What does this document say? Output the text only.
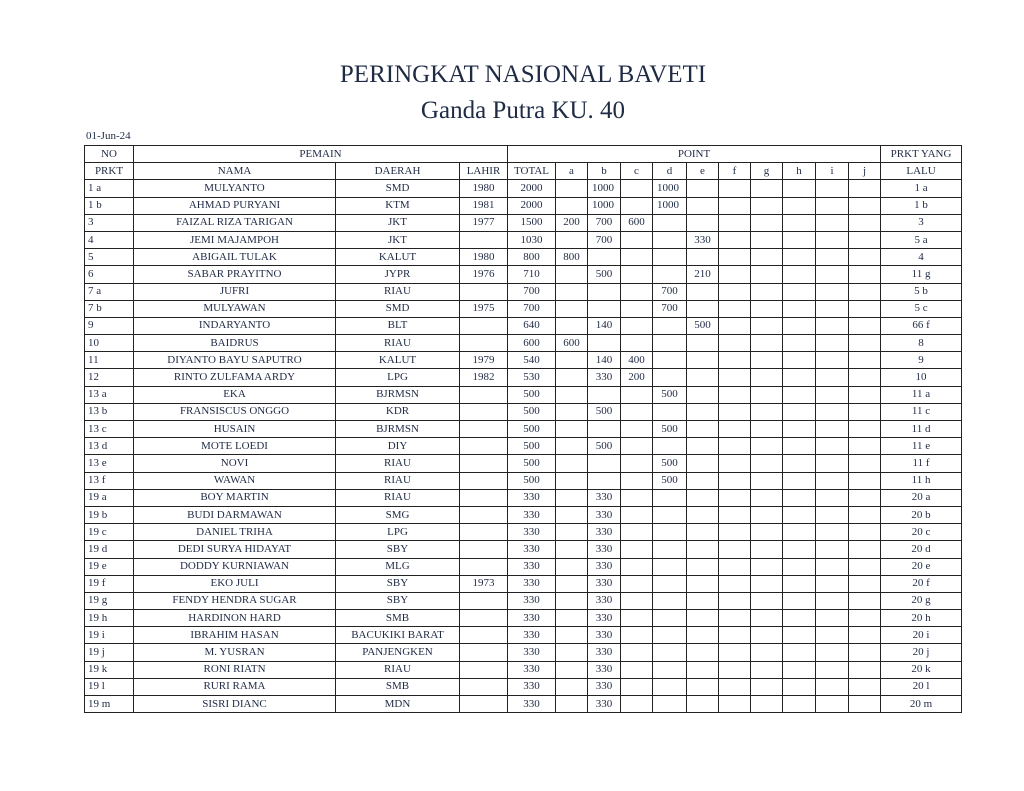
PERINGKAT NASIONAL BAVETI
Ganda Putra KU. 40
01-Jun-24
NO	PEMAIN			POINT											PRKT YANG
PRKT	NAMA	DAERAH	LAHIR	TOTAL	a	b	c	d	e	f	g	h	i	j	LALU
1 a	MULYANTO	SMD	1980	2000		1000		1000							1 a
1 b	AHMAD PURYANI	KTM	1981	2000		1000		1000							1 b
3	FAIZAL RIZA TARIGAN	JKT	1977	1500	200	700	600								3
4	JEMI MAJAMPOH	JKT		1030		700			330						5 a
5	ABIGAIL TULAK	KALUT	1980	800	800										4
6	SABAR PRAYITNO	JYPR	1976	710		500			210						11 g
7 a	JUFRI	RIAU		700				700							5 b
7 b	MULYAWAN	SMD	1975	700				700							5 c
9	INDARYANTO	BLT		640		140			500						66 f
10	BAIDRUS	RIAU		600	600										8
11	DIYANTO BAYU SAPUTRO	KALUT	1979	540		140	400								9
12	RINTO ZULFAMA ARDY	LPG	1982	530		330	200								10
13 a	EKA	BJRMSN		500				500							11 a
13 b	FRANSISCUS ONGGO	KDR		500		500									11 c
13 c	HUSAIN	BJRMSN		500				500							11 d
13 d	MOTE LOEDI	DIY		500		500									11 e
13 e	NOVI	RIAU		500				500							11 f
13 f	WAWAN	RIAU		500				500							11 h
19 a	BOY MARTIN	RIAU		330		330									20 a
19 b	BUDI DARMAWAN	SMG		330		330									20 b
19 c	DANIEL TRIHA	LPG		330		330									20 c
19 d	DEDI SURYA HIDAYAT	SBY		330		330									20 d
19 e	DODDY KURNIAWAN	MLG		330		330									20 e
19 f	EKO JULI	SBY	1973	330		330									20 f
19 g	FENDY HENDRA SUGAR	SBY		330		330									20 g
19 h	HARDINON HARD	SMB		330		330									20 h
19 i	IBRAHIM HASAN	BACUKIKI BARAT		330		330									20 i
19 j	M. YUSRAN	PANJENGKEN		330		330									20 j
19 k	RONI RIATN	RIAU		330		330									20 k
19 l	RURI RAMA	SMB		330		330									20 l
19 m	SISRI DIANC	MDN		330		330									20 m
